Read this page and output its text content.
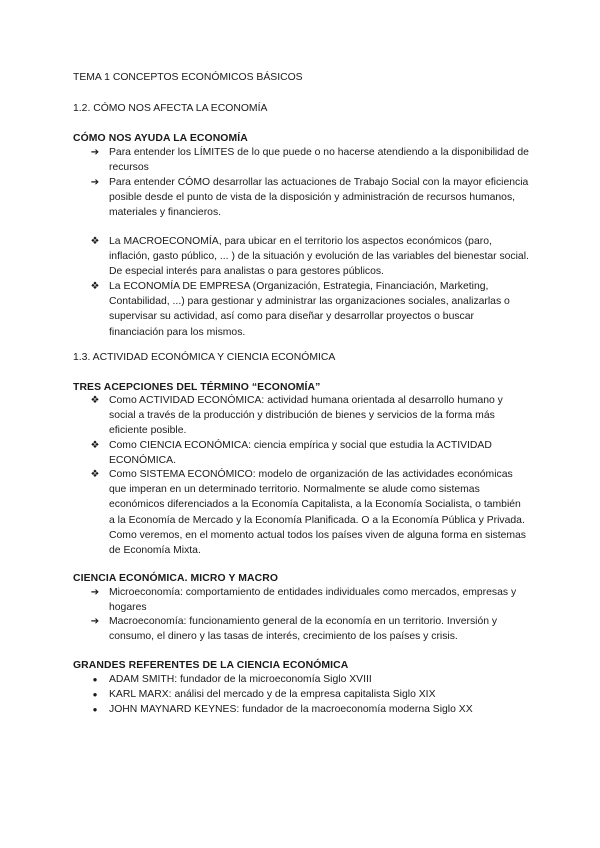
TEMA 1 CONCEPTOS ECONÓMICOS BÁSICOS
1.2. CÓMO NOS AFECTA LA ECONOMÍA
CÓMO NOS AYUDA LA ECONOMÍA
➔ Para entender los LÍMITES de lo que puede o no hacerse atendiendo a la disponibilidad de recursos
➔ Para entender CÓMO desarrollar las actuaciones de Trabajo Social con la mayor eficiencia posible desde el punto de vista de la disposición y administración de recursos humanos, materiales y financieros.
❖ La MACROECONOMÍA, para ubicar en el territorio los aspectos económicos (paro, inflación, gasto público, ... ) de la situación y evolución de las variables del bienestar social. De especial interés para analistas o para gestores públicos.
❖ La ECONOMÍA DE EMPRESA (Organización, Estrategia, Financiación, Marketing, Contabilidad, ...) para gestionar y administrar las organizaciones sociales, analizarlas o supervisar su actividad, así como para diseñar y desarrollar proyectos o buscar financiación para los mismos.
1.3. ACTIVIDAD ECONÓMICA Y CIENCIA ECONÓMICA
TRES ACEPCIONES DEL TÉRMINO “ECONOMÍA”
❖ Como ACTIVIDAD ECONÓMICA: actividad humana orientada al desarrollo humano y social a través de la producción y distribución de bienes y servicios de la forma más eficiente posible.
❖ Como CIENCIA ECONÓMICA: ciencia empírica y social que estudia la ACTIVIDAD ECONÓMICA.
❖ Como SISTEMA ECONÓMICO: modelo de organización de las actividades económicas que imperan en un determinado territorio. Normalmente se alude como sistemas económicos diferenciados a la Economía Capitalista, a la Economía Socialista, o también a la Economía de Mercado y la Economía Planificada. O a la Economía Pública y Privada. Como veremos, en el momento actual todos los países viven de alguna forma en sistemas de Economía Mixta.
CIENCIA ECONÓMICA. MICRO Y MACRO
➔ Microeconomía: comportamiento de entidades individuales como mercados, empresas y hogares
➔ Macroeconomía: funcionamiento general de la economía en un territorio. Inversión y consumo, el dinero y las tasas de interés, crecimiento de los países y crisis.
GRANDES REFERENTES DE LA CIENCIA ECONÓMICA
●	ADAM SMITH: fundador de la microeconomía Siglo XVIII
●	KARL MARX: análisi del mercado y de la empresa capitalista Siglo XIX
●	JOHN MAYNARD KEYNES: fundador de la macroeconomía moderna Siglo XX
